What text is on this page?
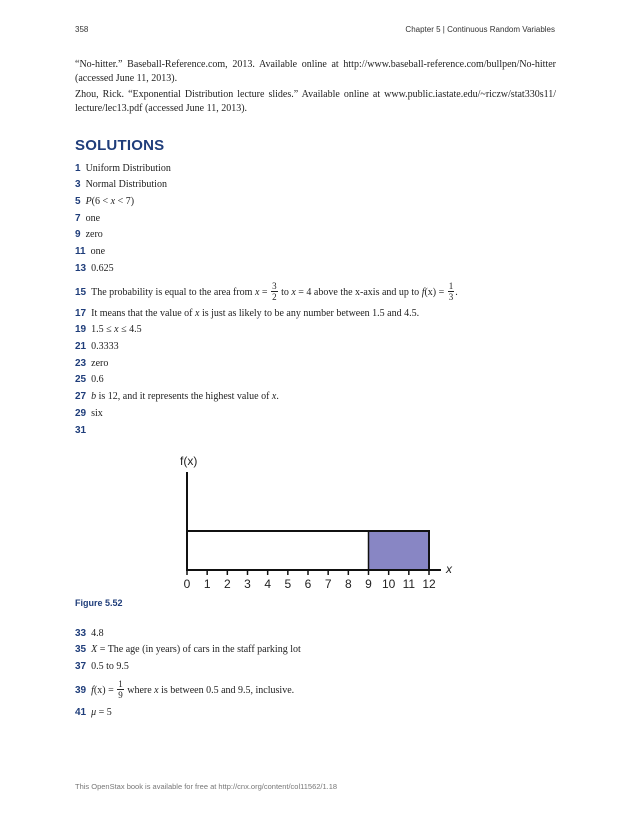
358	Chapter 5 | Continuous Random Variables
“No-hitter.” Baseball-Reference.com, 2013. Available online at http://www.baseball-reference.com/bullpen/No-hitter (accessed June 11, 2013).
Zhou, Rick. “Exponential Distribution lecture slides.” Available online at www.public.iastate.edu/~riczw/stat330s11/ lecture/lec13.pdf (accessed June 11, 2013).
SOLUTIONS
1 Uniform Distribution
3 Normal Distribution
5 P(6 < x < 7)
7 one
9 zero
11 one
13 0.625
15 The probability is equal to the area from $x = \frac{3}{2}$ to x = 4 above the x-axis and up to $f(x) = \frac{1}{3}$ .
17 It means that the value of x is just as likely to be any number between 1.5 and 4.5.
19 1.5 ≤ x ≤ 4.5
21 0.3333
23 zero
25 0.6
27 b is 12, and it represents the highest value of x.
29 six
31
0 1 2 3 4 5 6 7 8 9 10 11 12
f(x)
x
Figure 5.52
33 4.8
35 X = The age (in years) of cars in the staff parking lot
37 0.5 to 9.5
39 $f(x) = \frac{1}{9}$ where x is between 0.5 and 9.5, inclusive.
41 μ = 5
This OpenStax book is available for free at http://cnx.org/content/col11562/1.18
